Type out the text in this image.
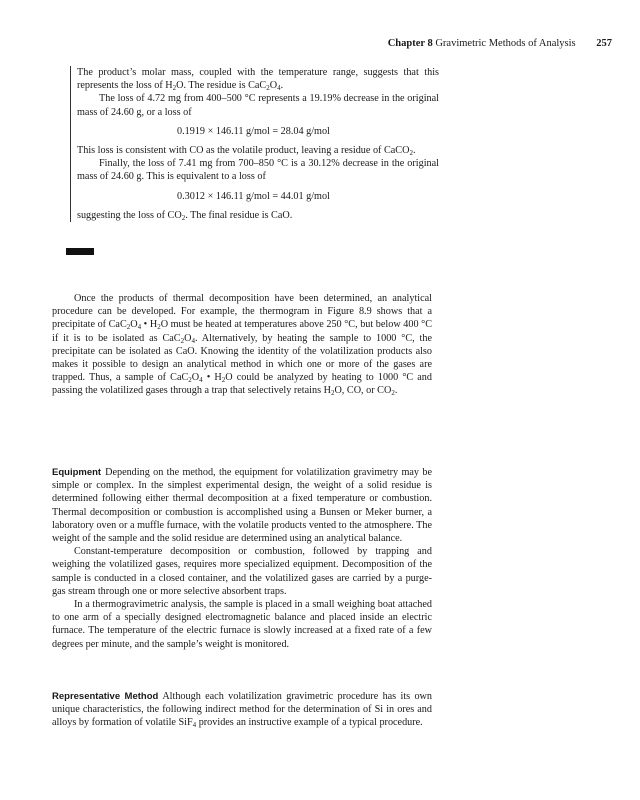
Chapter 8 Gravimetric Methods of Analysis 257

The product’s molar mass, coupled with the temperature range, suggests that this represents the loss of $H_2O$. The residue is $CaC_2O_4$.

The loss of 4.72 mg from 400–500 °C represents a 19.19% decrease in the original mass of 24.60 g, or a loss of

0.1919 × 146.11 g/mol = 28.04 g/mol

This loss is consistent with CO as the volatile product, leaving a residue of CaCO$_2$.

Finally, the loss of 7.41 mg from 700–850 °C is a 30.12% decrease in the original mass of 24.60 g. This is equivalent to a loss of

0.3012 × 146.11 g/mol = 44.01 g/mol

suggesting the loss of $CO_2$. The final residue is CaO.

Once the products of thermal decomposition have been determined, an analytical procedure can be developed. For example, the thermogram in Figure 8.9 shows that a precipitate of $CaC_2O_4$ • $H_2O$ must be heated at temperatures above 250 °C, but below 400 °C if it is to be isolated as $CaC_2O_4$. Alternatively, by heating the sample to 1000 °C, the precipitate can be isolated as CaO. Knowing the identity of the volatilization products also makes it possible to design an analytical method in which one or more of the gases are trapped. Thus, a sample of $CaC_2O_4$ • $H_2O$ could be analyzed by heating to 1000 °C and passing the volatilized gases through a trap that selectively retains $H_2O$, CO, or $CO_2$.

Equipment Depending on the method, the equipment for volatilization gravimetry may be simple or complex. In the simplest experimental design, the weight of a solid residue is determined following either thermal decomposition at a fixed temperature or combustion. Thermal decomposition or combustion is accomplished using a Bunsen or Meker burner, a laboratory oven or a muffle furnace, with the volatile products vented to the atmosphere. The weight of the sample and the solid residue are determined using an analytical balance.

Constant-temperature decomposition or combustion, followed by trapping and weighing the volatilized gases, requires more specialized equipment. Decomposition of the sample is conducted in a closed container, and the volatilized gases are carried by a purge-gas stream through one or more selective absorbent traps.

In a thermogravimetric analysis, the sample is placed in a small weighing boat attached to one arm of a specially designed electromagnetic balance and placed inside an electric furnace. The temperature of the electric furnace is slowly increased at a fixed rate of a few degrees per minute, and the sample’s weight is monitored.

Representative Method Although each volatilization gravimetric procedure has its own unique characteristics, the following indirect method for the determination of Si in ores and alloys by formation of volatile SiF$_4$ provides an instructive example of a typical procedure.
